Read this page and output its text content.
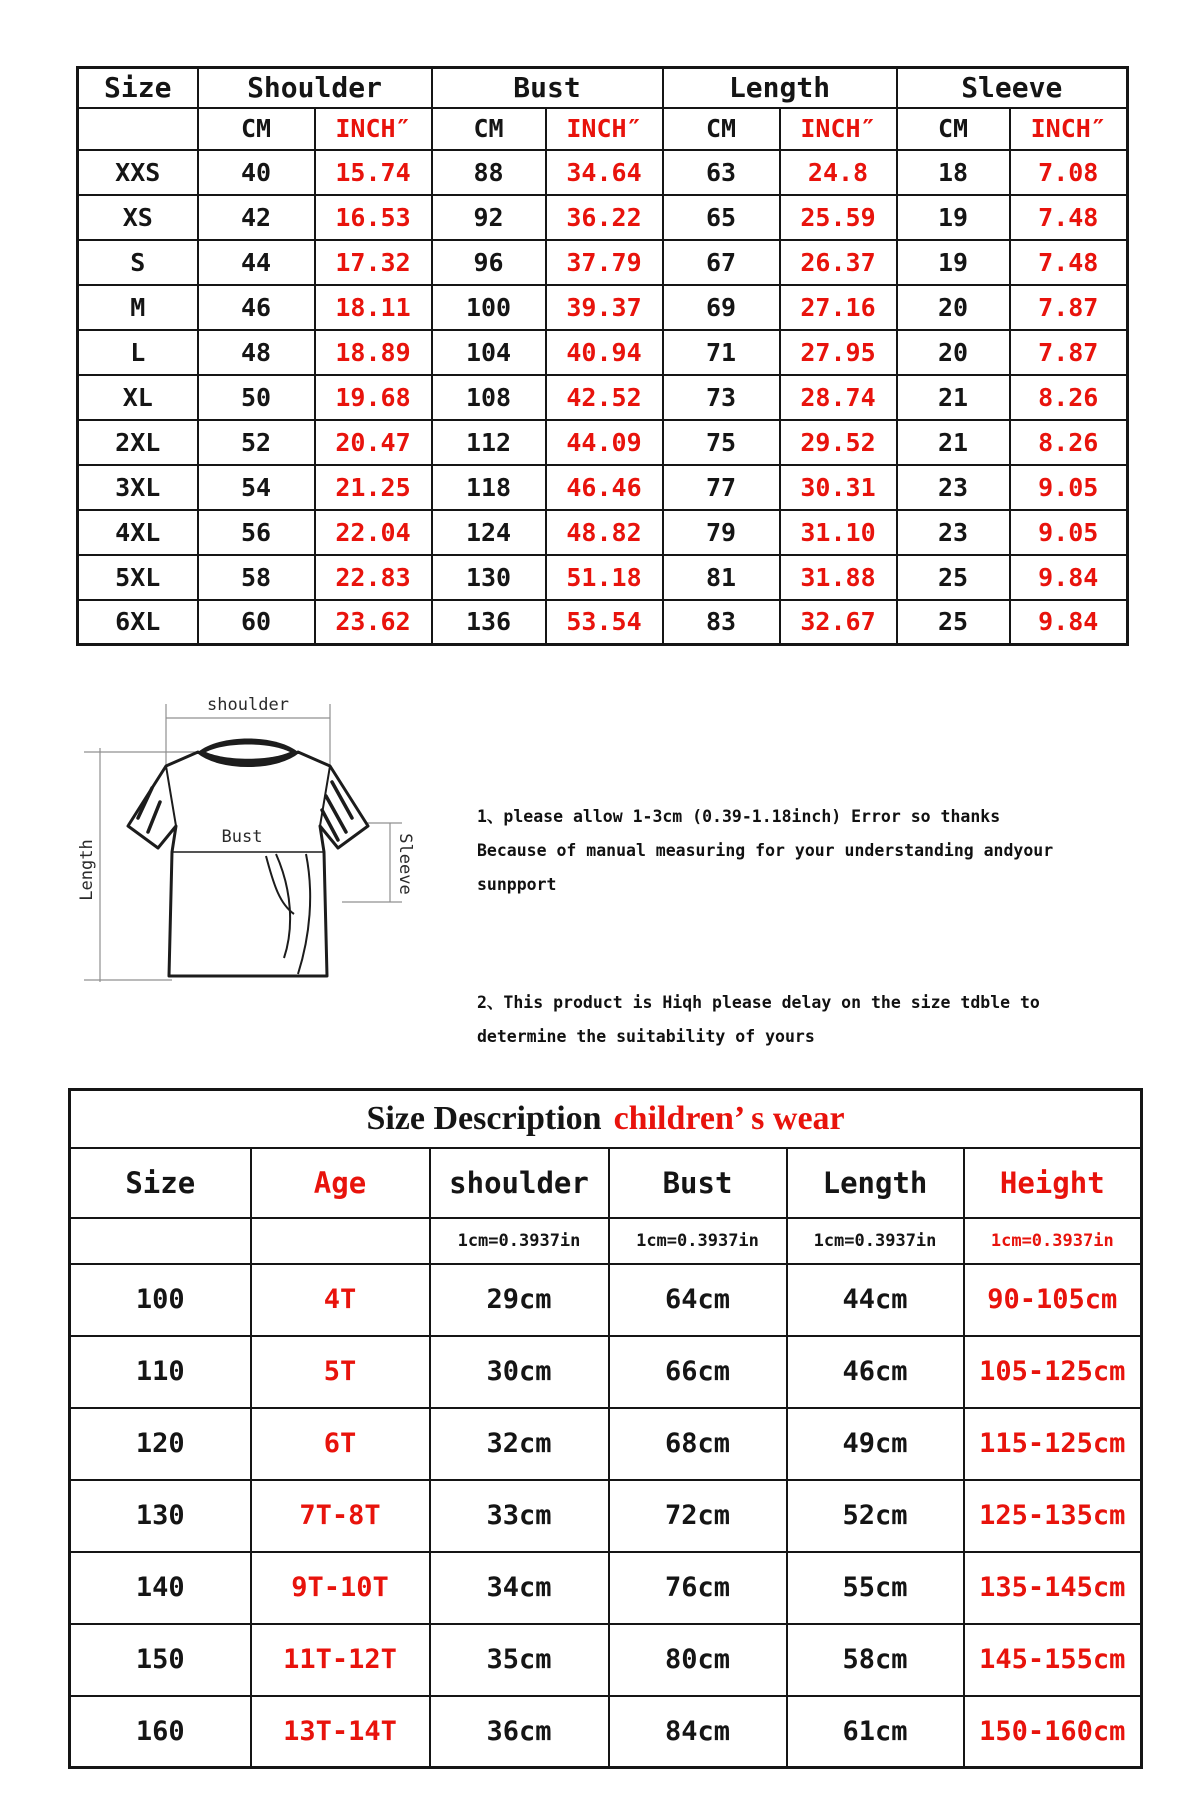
Size	Shoulder		Bust		Length		Sleeve	
	CM	INCH″	CM	INCH″	CM	INCH″	CM	INCH″
XXS	40	15.74	88	34.64	63	24.8	18	7.08
XS	42	16.53	92	36.22	65	25.59	19	7.48
S	44	17.32	96	37.79	67	26.37	19	7.48
M	46	18.11	100	39.37	69	27.16	20	7.87
L	48	18.89	104	40.94	71	27.95	20	7.87
XL	50	19.68	108	42.52	73	28.74	21	8.26
2XL	52	20.47	112	44.09	75	29.52	21	8.26
3XL	54	21.25	118	46.46	77	30.31	23	9.05
4XL	56	22.04	124	48.82	79	31.10	23	9.05
5XL	58	22.83	130	51.18	81	31.88	25	9.84
6XL	60	23.62	136	53.54	83	32.67	25	9.84
shoulder
Length
Bust	Sleeve
1、please allow 1-3cm (0.39-1.18inch) Error so thanks
Because of manual measuring for your understanding andyour
sunpport
2、This product is Hiqh please delay on the size tdble to
determine the suitability of yours
Size Description children’ s wear					
Size	Age	shoulder	Bust	Length	Height
		1cm=0.3937in	1cm=0.3937in	1cm=0.3937in	1cm=0.3937in
100	4T	29cm	64cm	44cm	90-105cm
110	5T	30cm	66cm	46cm	105-125cm
120	6T	32cm	68cm	49cm	115-125cm
130	7T-8T	33cm	72cm	52cm	125-135cm
140	9T-10T	34cm	76cm	55cm	135-145cm
150	11T-12T	35cm	80cm	58cm	145-155cm
160	13T-14T	36cm	84cm	61cm	150-160cm
